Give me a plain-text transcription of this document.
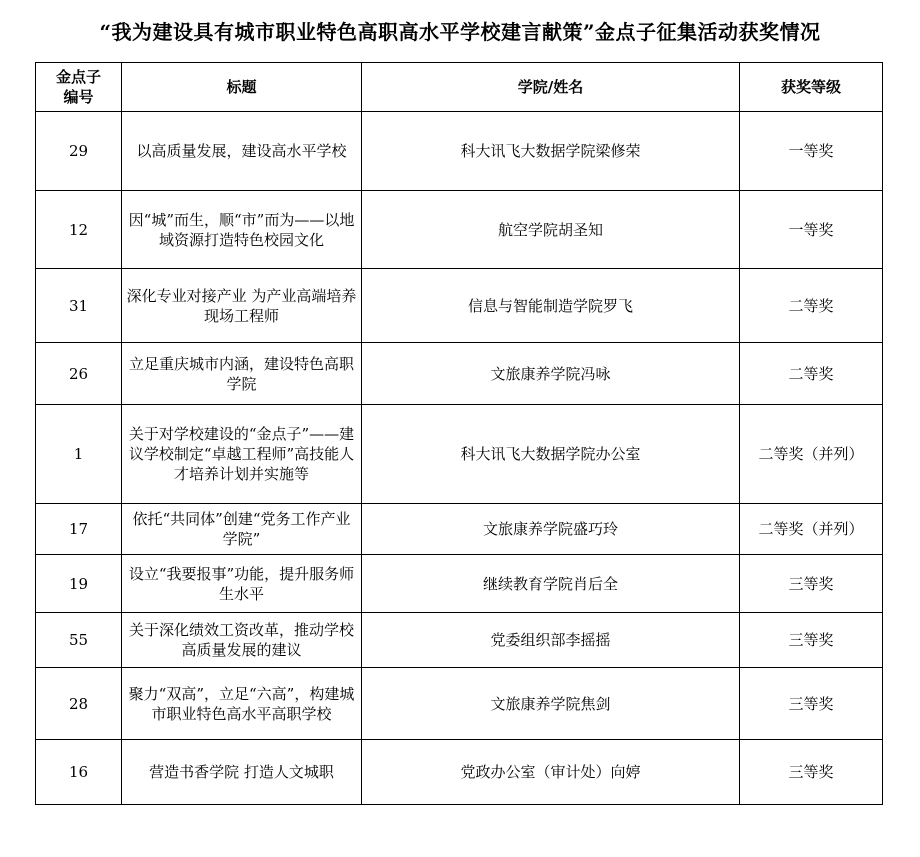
“我为建设具有城市职业特色高职高水平学校建言献策”金点子征集活动获奖情况
金点子
编号	标题	学院/姓名	获奖等级
29	以高质量发展，建设高水平学校	科大讯飞大数据学院梁修荣	一等奖
12	因“城”而生，顺“市”而为——以地域资源打造特色校园文化	航空学院胡圣知	一等奖
31	深化专业对接产业 为产业高端培养现场工程师	信息与智能制造学院罗飞	二等奖
26	立足重庆城市内涵，建设特色高职学院	文旅康养学院冯咏	二等奖
1	关于对学校建设的“金点子”——建议学校制定“卓越工程师”高技能人才培养计划并实施等	科大讯飞大数据学院办公室	二等奖（并列）
17	依托“共同体”创建“党务工作产业学院”	文旅康养学院盛巧玲	二等奖（并列）
19	设立“我要报事”功能，提升服务师生水平	继续教育学院肖后全	三等奖
55	关于深化绩效工资改革，推动学校高质量发展的建议	党委组织部李摇摇	三等奖
28	聚力“双高”，立足“六高”，构建城市职业特色高水平高职学校	文旅康养学院焦剑	三等奖
16	营造书香学院 打造人文城职	党政办公室（审计处）向婷	三等奖
